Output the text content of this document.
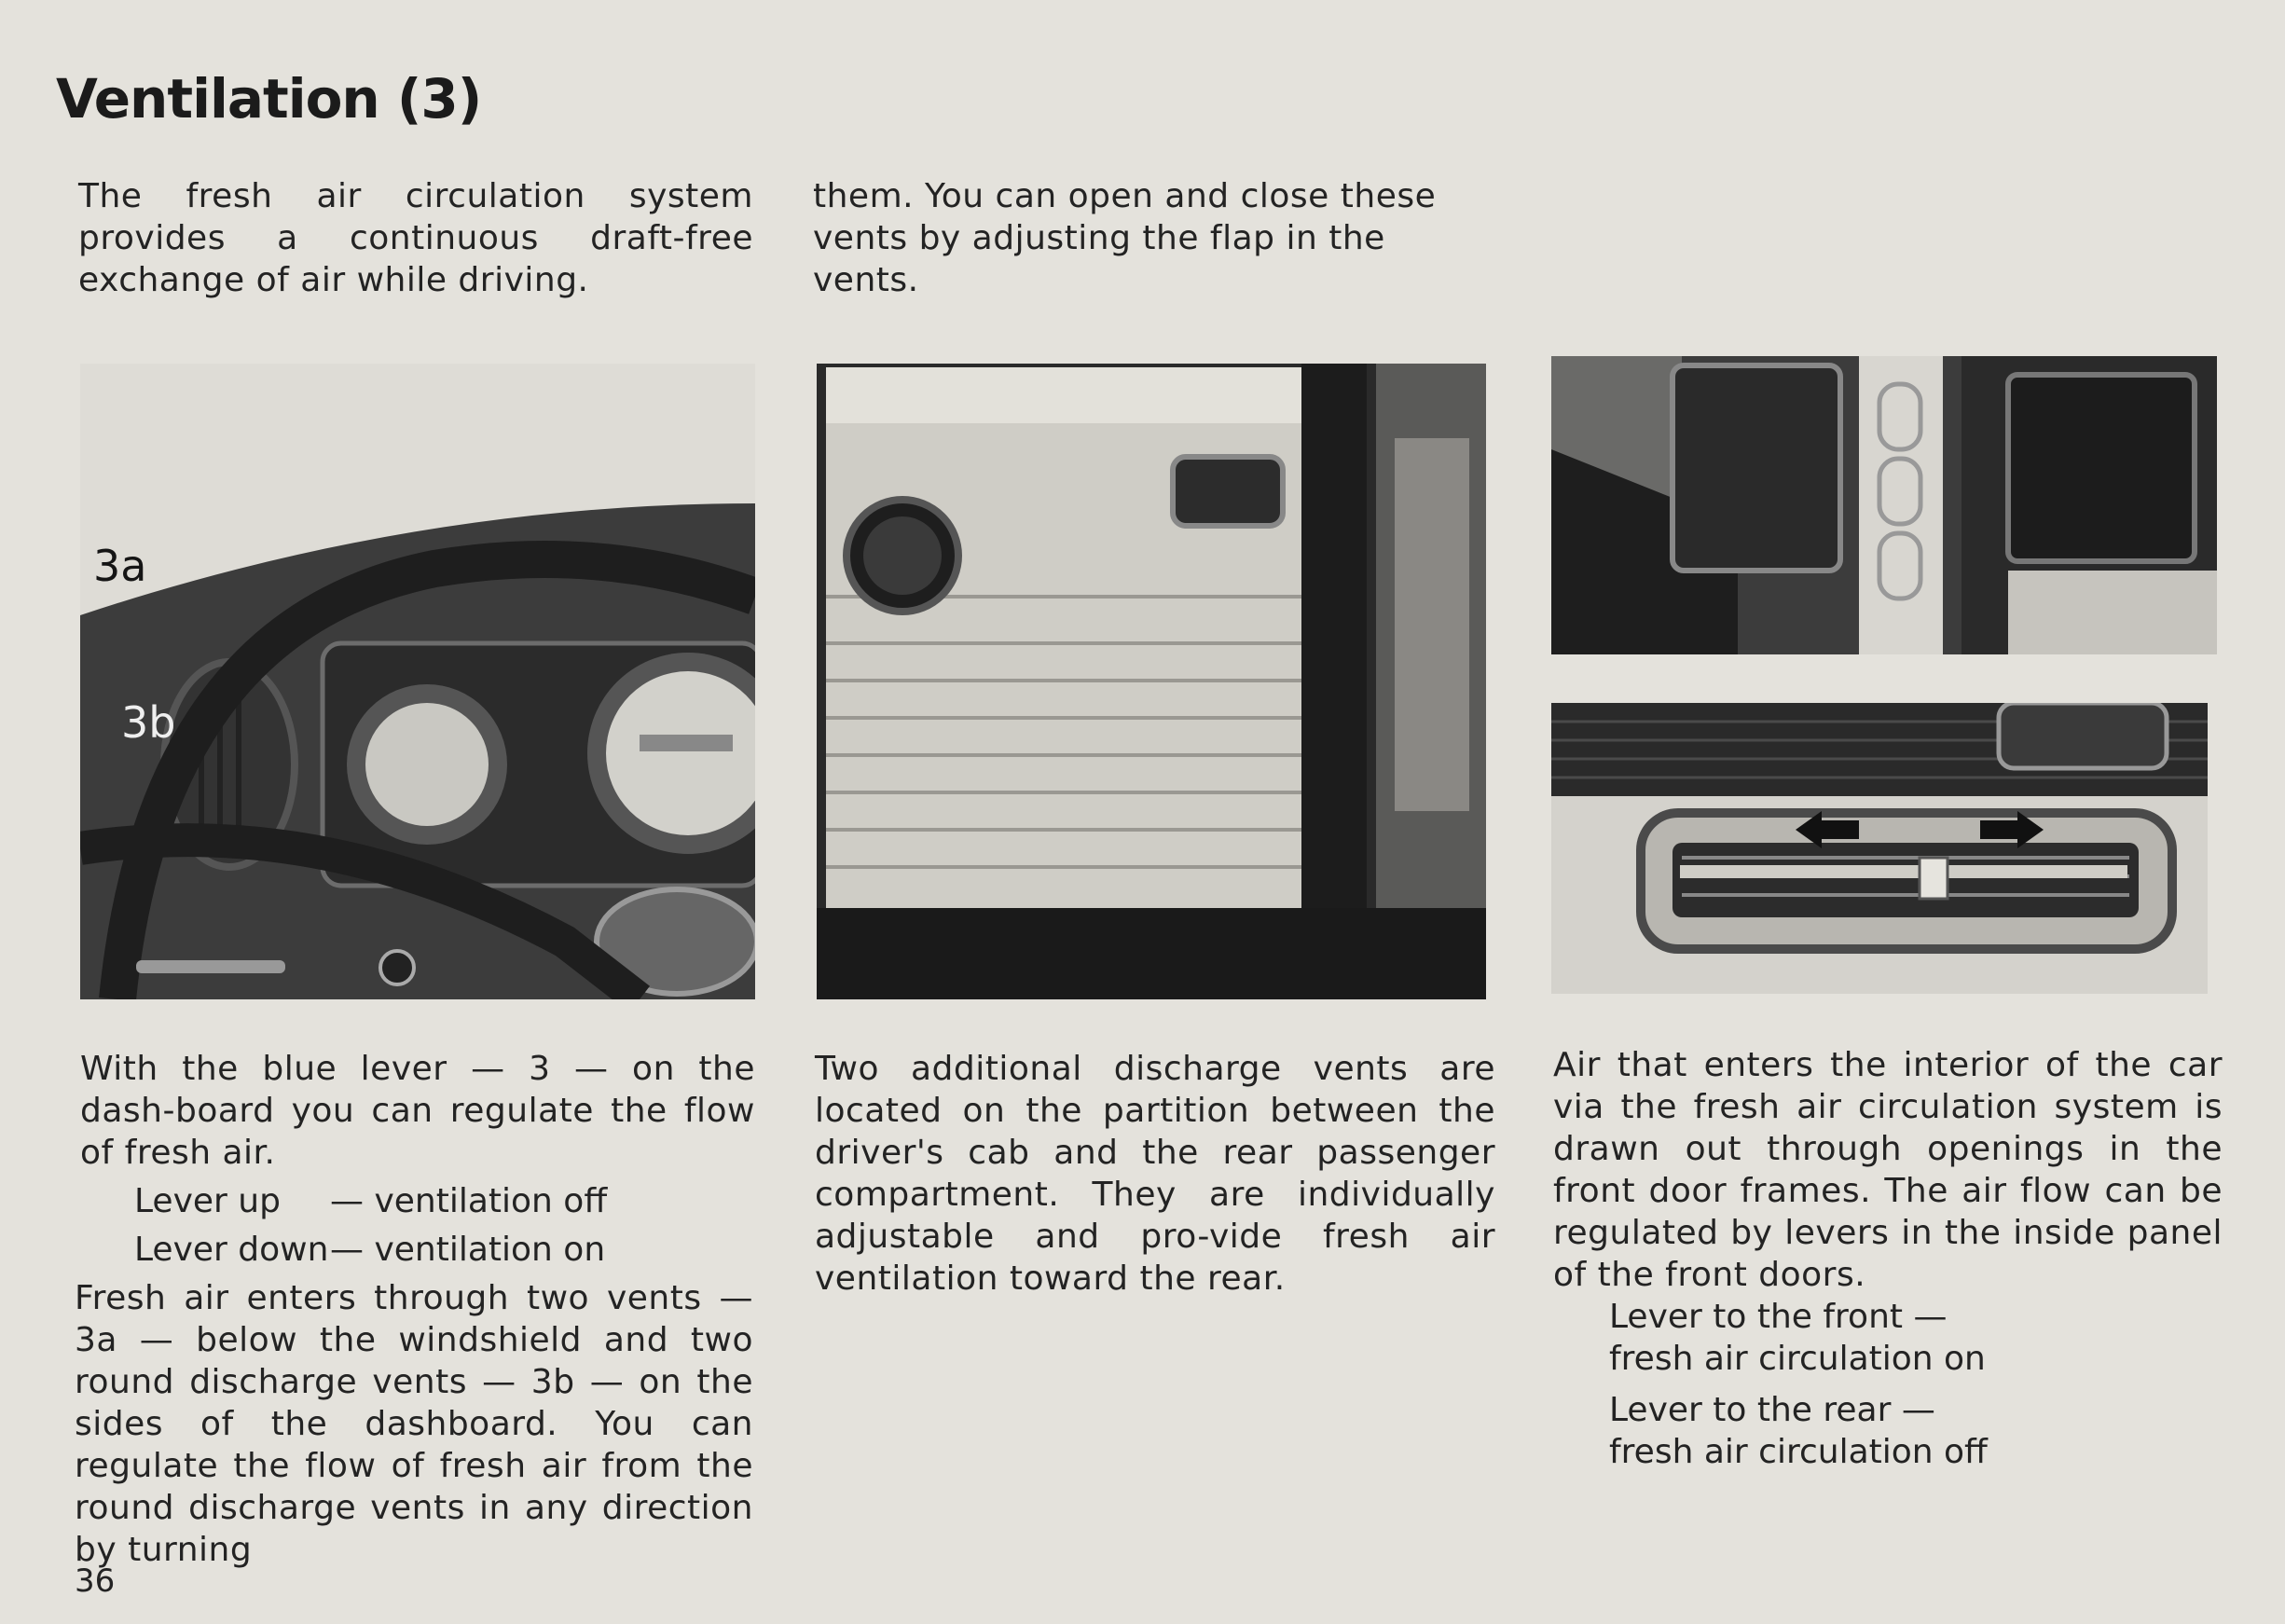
Ventilation (3)

The fresh air circulation system provides a continuous draft-free exchange of air while driving.

them. You can open and close these vents by adjusting the flap in the vents.

3a
3b

With the blue lever — 3 — on the dash-board you can regulate the flow of fresh air.

Lever up — ventilation off
Lever down— ventilation on

Fresh air enters through two vents — 3a — below the windshield and two round discharge vents — 3b — on the sides of the dashboard. You can regulate the flow of fresh air from the round discharge vents in any direction by turning

Two additional discharge vents are located on the partition between the driver's cab and the rear passenger compartment. They are individually adjustable and pro-vide fresh air ventilation toward the rear.

Air that enters the interior of the car via the fresh air circulation system is drawn out through openings in the front door frames. The air flow can be regulated by levers in the inside panel of the front doors.

Lever to the front —
fresh air circulation on
Lever to the rear —
fresh air circulation off
36
